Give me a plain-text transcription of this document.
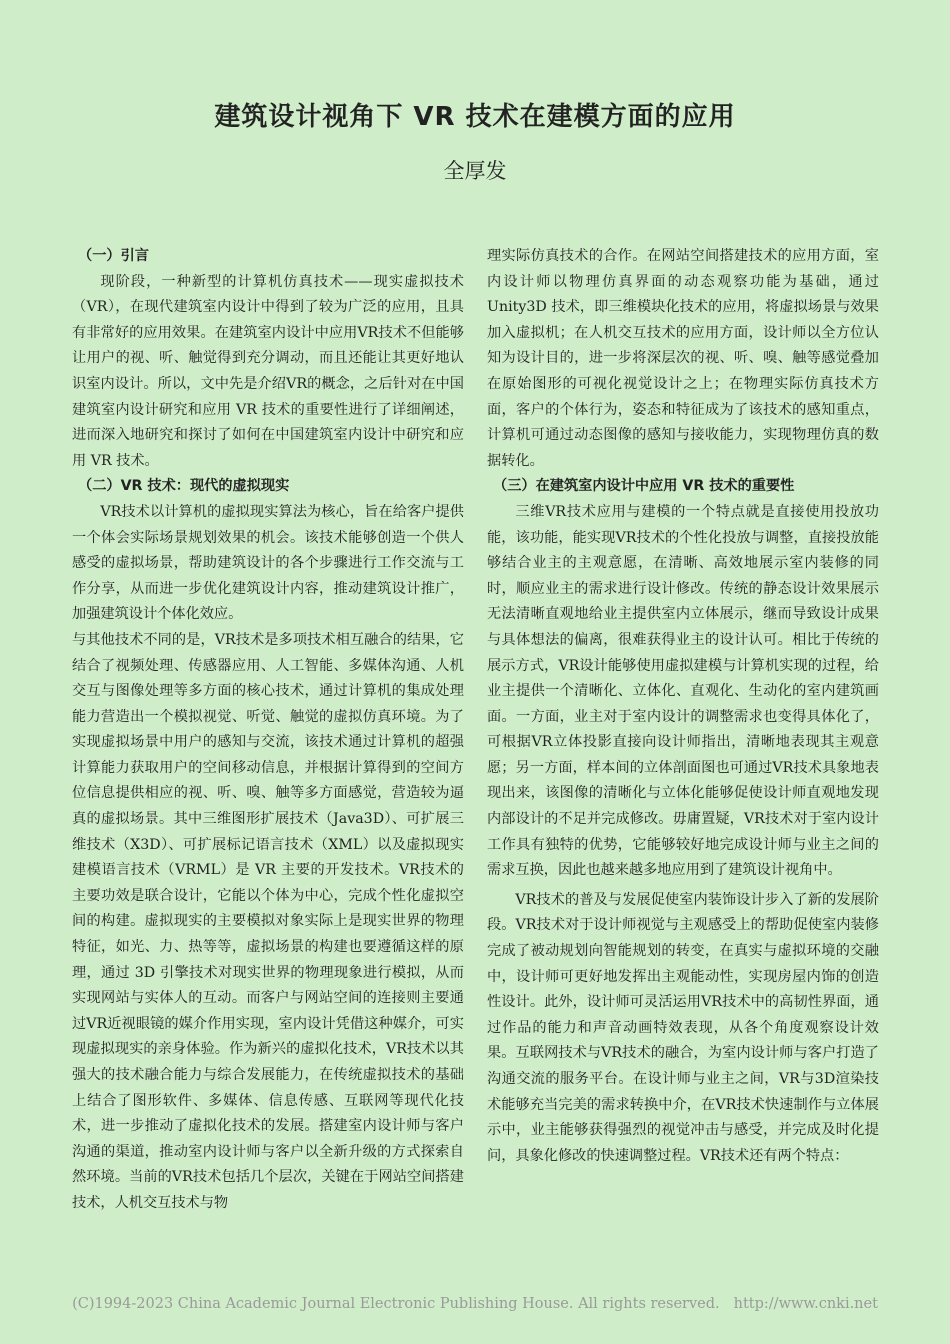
建筑设计视角下 VR 技术在建模方面的应用
全厚发
（一）引言

现阶段，一种新型的计算机仿真技术——现实虚拟技术（VR），在现代建筑室内设计中得到了较为广泛的应用，且具有非常好的应用效果。在建筑室内设计中应用VR技术不但能够让用户的视、听、触觉得到充分调动，而且还能让其更好地认识室内设计。所以，文中先是介绍VR的概念，之后针对在中国建筑室内设计研究和应用 VR 技术的重要性进行了详细阐述，进而深入地研究和探讨了如何在中国建筑室内设计中研究和应用 VR 技术。

（二）VR 技术：现代的虚拟现实

VR技术以计算机的虚拟现实算法为核心，旨在给客户提供一个体会实际场景规划效果的机会。该技术能够创造一个供人感受的虚拟场景，帮助建筑设计的各个步骤进行工作交流与工作分享，从而进一步优化建筑设计内容，推动建筑设计推广，加强建筑设计个体化效应。

与其他技术不同的是，VR技术是多项技术相互融合的结果，它结合了视频处理、传感器应用、人工智能、多媒体沟通、人机交互与图像处理等多方面的核心技术，通过计算机的集成处理能力营造出一个模拟视觉、听觉、触觉的虚拟仿真环境。为了实现虚拟场景中用户的感知与交流，该技术通过计算机的超强计算能力获取用户的空间移动信息，并根据计算得到的空间方位信息提供相应的视、听、嗅、触等多方面感觉，营造较为逼真的虚拟场景。其中三维图形扩展技术（Java3D）、可扩展三维技术（X3D）、可扩展标记语言技术（XML）以及虚拟现实建模语言技术（VRML）是 VR 主要的开发技术。VR技术的主要功效是联合设计，它能以个体为中心，完成个性化虚拟空间的构建。虚拟现实的主要模拟对象实际上是现实世界的物理特征，如光、力、热等等，虚拟场景的构建也要遵循这样的原理，通过 3D 引擎技术对现实世界的物理现象进行模拟，从而实现网站与实体人的互动。而客户与网站空间的连接则主要通过VR近视眼镜的媒介作用实现，室内设计凭借这种媒介，可实现虚拟现实的亲身体验。作为新兴的虚拟化技术，VR技术以其强大的技术融合能力与综合发展能力，在传统虚拟技术的基础上结合了图形软件、多媒体、信息传感、互联网等现代化技术，进一步推动了虚拟化技术的发展。搭建室内设计师与客户沟通的渠道，推动室内设计师与客户以全新升级的方式探索自然环境。当前的VR技术包括几个层次，关键在于网站空间搭建技术，人机交互技术与物

理实际仿真技术的合作。在网站空间搭建技术的应用方面，室内设计师以物理仿真界面的动态观察功能为基础，通过 Unity3D 技术，即三维模块化技术的应用，将虚拟场景与效果加入虚拟机；在人机交互技术的应用方面，设计师以全方位认知为设计目的，进一步将深层次的视、听、嗅、触等感觉叠加在原始图形的可视化视觉设计之上；在物理实际仿真技术方面，客户的个体行为，姿态和特征成为了该技术的感知重点，计算机可通过动态图像的感知与接收能力，实现物理仿真的数据转化。

（三）在建筑室内设计中应用 VR 技术的重要性

三维VR技术应用与建模的一个特点就是直接使用投放功能，该功能，能实现VR技术的个性化投放与调整，直接投放能够结合业主的主观意愿，在清晰、高效地展示室内装修的同时，顺应业主的需求进行设计修改。传统的静态设计效果展示无法清晰直观地给业主提供室内立体展示，继而导致设计成果与具体想法的偏离，很难获得业主的设计认可。相比于传统的展示方式，VR设计能够使用虚拟建模与计算机实现的过程，给业主提供一个清晰化、立体化、直观化、生动化的室内建筑画面。一方面，业主对于室内设计的调整需求也变得具体化了，可根据VR立体投影直接向设计师指出，清晰地表现其主观意愿；另一方面，样本间的立体剖面图也可通过VR技术具象地表现出来，该图像的清晰化与立体化能够促使设计师直观地发现内部设计的不足并完成修改。毋庸置疑，VR技术对于室内设计工作具有独特的优势，它能够较好地完成设计师与业主之间的需求互换，因此也越来越多地应用到了建筑设计视角中。

VR技术的普及与发展促使室内装饰设计步入了新的发展阶段。VR技术对于设计师视觉与主观感受上的帮助促使室内装修完成了被动规划向智能规划的转变，在真实与虚拟环境的交融中，设计师可更好地发挥出主观能动性，实现房屋内饰的创造性设计。此外，设计师可灵活运用VR技术中的高韧性界面，通过作品的能力和声音动画特效表现，从各个角度观察设计效果。互联网技术与VR技术的融合，为室内设计师与客户打造了沟通交流的服务平台。在设计师与业主之间，VR与3D渲染技术能够充当完美的需求转换中介，在VR技术快速制作与立体展示中，业主能够获得强烈的视觉冲击与感受，并完成及时化提问，具象化修改的快速调整过程。VR技术还有两个特点：

(C)1994-2023 China Academic Journal Electronic Publishing House. All rights reserved. http://www.cnki.net
